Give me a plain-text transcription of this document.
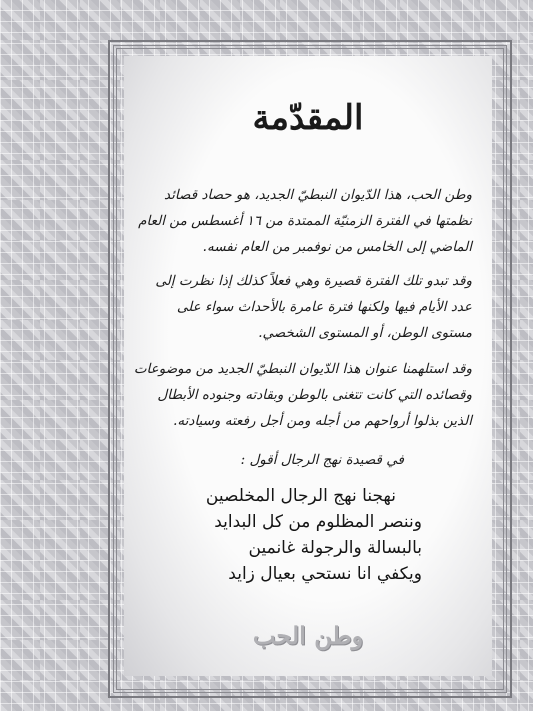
المقدّمة
وطن الحب، هذا الدّيوان النبطيّ الجديد، هو حصاد قصائد نظمتها في الفترة الزمنيّة الممتدة من ١٦ أغسطس من العام الماضي إلى الخامس من نوفمبر من العام نفسه.
وقد تبدو تلك الفترة قصيرة وهي فعلاً كذلك إذا نظرت إلى عدد الأيام فيها ولكنها فترة عامرة بالأحداث سواء على مستوى الوطن، أو المستوى الشخصي.
وقد استلهمنا عنوان هذا الدّيوان النبطيّ الجديد من موضوعات وقصائده التي كانت تتغنى بالوطن وبقادته وجنوده الأبطال الذين بذلوا أرواحهم من أجله ومن أجل رفعته وسيادته.
في قصيدة نهج الرجال أقول :
نهجنا نهج الرجال المخلصين
وننصر المظلوم من كل البدايد
بالبسالة والرجولة غانمين
ويكفي انا نستحي بعيال زايد
وطن الحب
